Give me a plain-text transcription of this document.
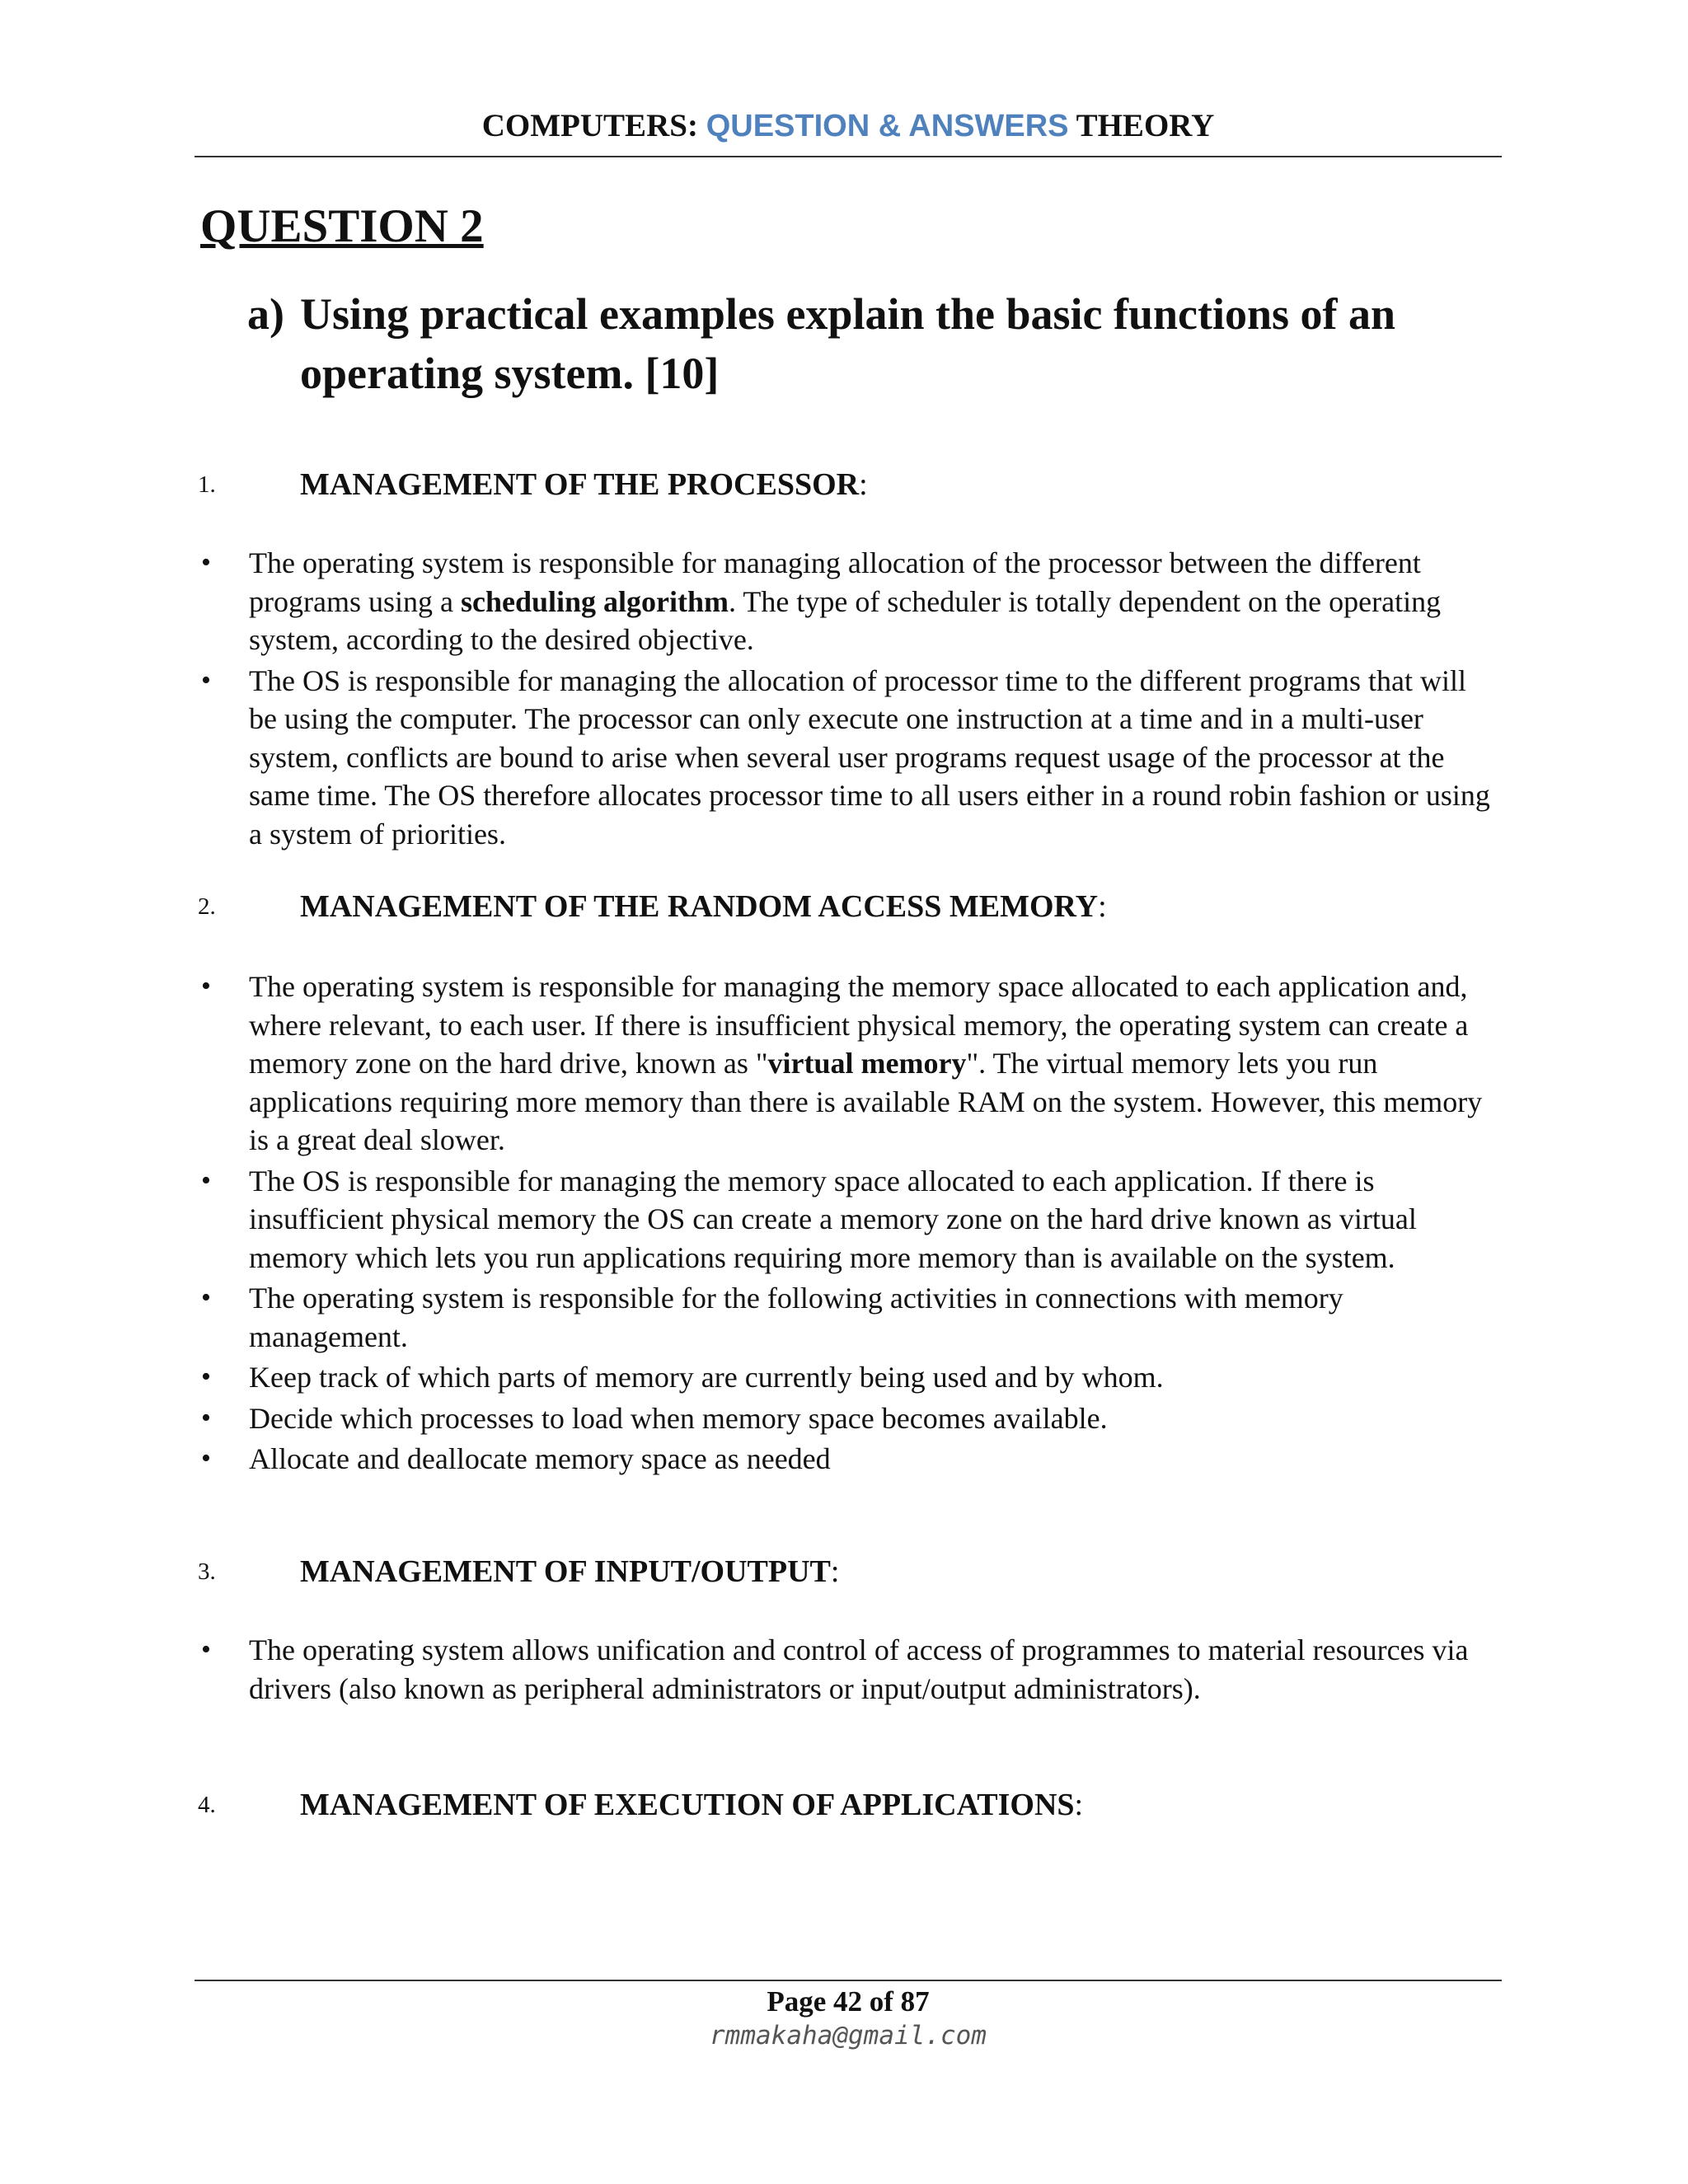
COMPUTERS: QUESTION & ANSWERS THEORY
QUESTION 2
a) Using practical examples explain the basic functions of an operating system. [10]
1.	MANAGEMENT OF THE PROCESSOR:
• The operating system is responsible for managing allocation of the processor between the different programs using a scheduling algorithm. The type of scheduler is totally dependent on the operating system, according to the desired objective.
• The OS is responsible for managing the allocation of processor time to the different programs that will be using the computer. The processor can only execute one instruction at a time and in a multi-user system, conflicts are bound to arise when several user programs request usage of the processor at the same time. The OS therefore allocates processor time to all users either in a round robin fashion or using a system of priorities.
2.	MANAGEMENT OF THE RANDOM ACCESS MEMORY:
• The operating system is responsible for managing the memory space allocated to each application and, where relevant, to each user. If there is insufficient physical memory, the operating system can create a memory zone on the hard drive, known as "virtual memory". The virtual memory lets you run applications requiring more memory than there is available RAM on the system. However, this memory is a great deal slower.
• The OS is responsible for managing the memory space allocated to each application. If there is insufficient physical memory the OS can create a memory zone on the hard drive known as virtual memory which lets you run applications requiring more memory than is available on the system.
• The operating system is responsible for the following activities in connections with memory management.
• Keep track of which parts of memory are currently being used and by whom.
• Decide which processes to load when memory space becomes available.
• Allocate and deallocate memory space as needed
3.	MANAGEMENT OF INPUT/OUTPUT:
• The operating system allows unification and control of access of programmes to material resources via drivers (also known as peripheral administrators or input/output administrators).
4.	MANAGEMENT OF EXECUTION OF APPLICATIONS:
Page 42 of 87
rmmakaha@gmail.com
